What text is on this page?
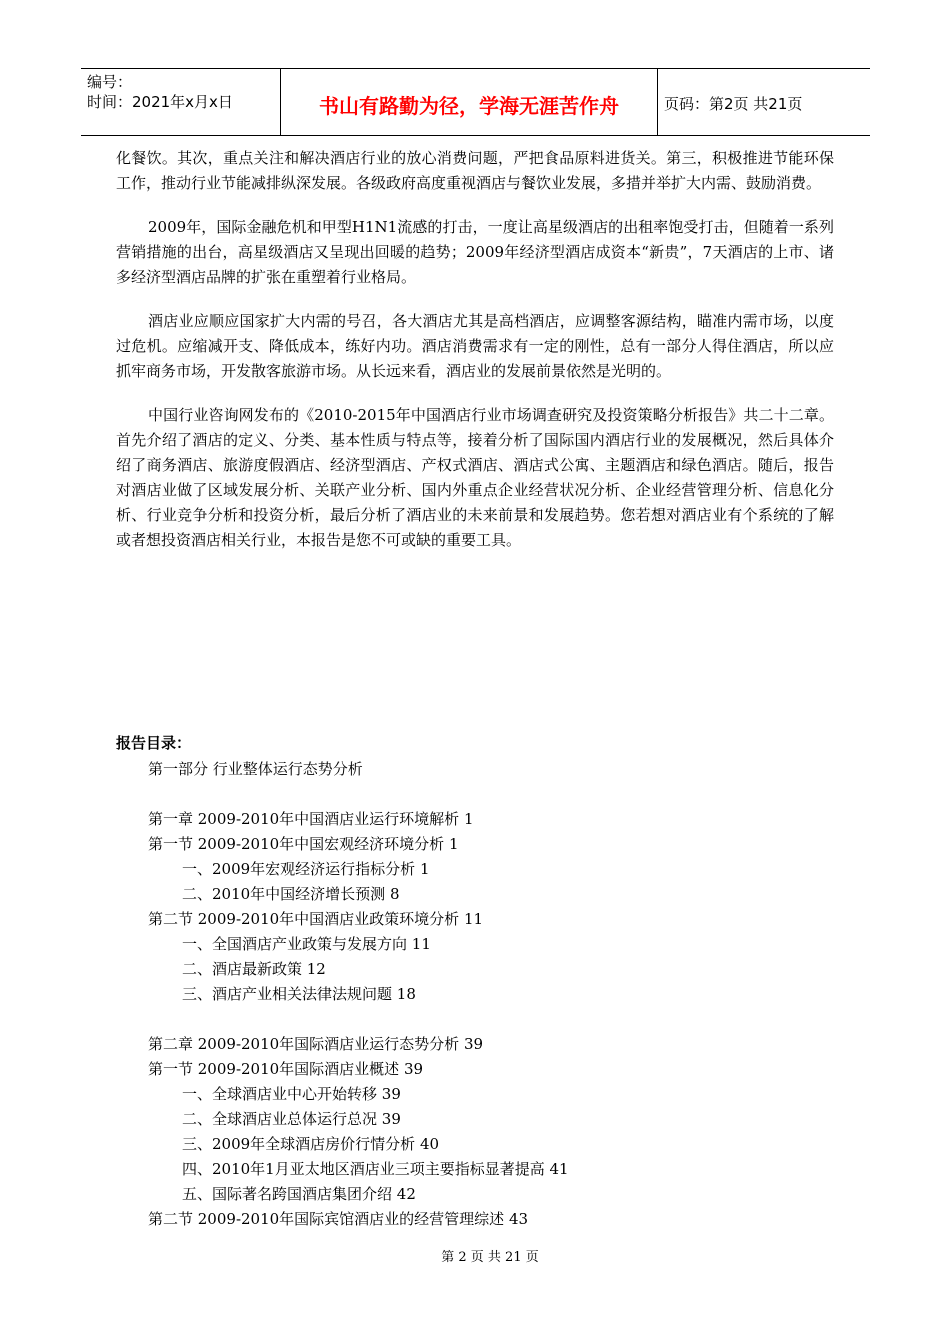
编号：
时间：2021年x月x日	书山有路勤为径，学海无涯苦作舟	页码：第2页 共21页

化餐饮。其次，重点关注和解决酒店行业的放心消费问题，严把食品原料进货关。第三，积极推进节能环保工作，推动行业节能减排纵深发展。各级政府高度重视酒店与餐饮业发展，多措并举扩大内需、鼓励消费。

2009年，国际金融危机和甲型H1N1流感的打击，一度让高星级酒店的出租率饱受打击，但随着一系列营销措施的出台，高星级酒店又呈现出回暖的趋势；2009年经济型酒店成资本“新贵”，7天酒店的上市、诸多经济型酒店品牌的扩张在重塑着行业格局。

酒店业应顺应国家扩大内需的号召，各大酒店尤其是高档酒店，应调整客源结构，瞄准内需市场，以度过危机。应缩减开支、降低成本，练好内功。酒店消费需求有一定的刚性，总有一部分人得住酒店，所以应抓牢商务市场，开发散客旅游市场。从长远来看，酒店业的发展前景依然是光明的。

中国行业咨询网发布的《2010-2015年中国酒店行业市场调查研究及投资策略分析报告》共二十二章。首先介绍了酒店的定义、分类、基本性质与特点等，接着分析了国际国内酒店行业的发展概况，然后具体介绍了商务酒店、旅游度假酒店、经济型酒店、产权式酒店、酒店式公寓、主题酒店和绿色酒店。随后，报告对酒店业做了区域发展分析、关联产业分析、国内外重点企业经营状况分析、企业经营管理分析、信息化分析、行业竞争分析和投资分析，最后分析了酒店业的未来前景和发展趋势。您若想对酒店业有个系统的了解或者想投资酒店相关行业，本报告是您不可或缺的重要工具。

报告目录：
第一部分 行业整体运行态势分析
第一章 2009-2010年中国酒店业运行环境解析 1
第一节 2009-2010年中国宏观经济环境分析 1
一、2009年宏观经济运行指标分析 1
二、2010年中国经济增长预测 8
第二节 2009-2010年中国酒店业政策环境分析 11
一、全国酒店产业政策与发展方向 11
二、酒店最新政策 12
三、酒店产业相关法律法规问题 18
第二章 2009-2010年国际酒店业运行态势分析 39
第一节 2009-2010年国际酒店业概述 39
一、全球酒店业中心开始转移 39
二、全球酒店业总体运行总况 39
三、2009年全球酒店房价行情分析 40
四、2010年1月亚太地区酒店业三项主要指标显著提高 41
五、国际著名跨国酒店集团介绍 42
第二节 2009-2010年国际宾馆酒店业的经营管理综述 43
第 2 页 共 21 页
